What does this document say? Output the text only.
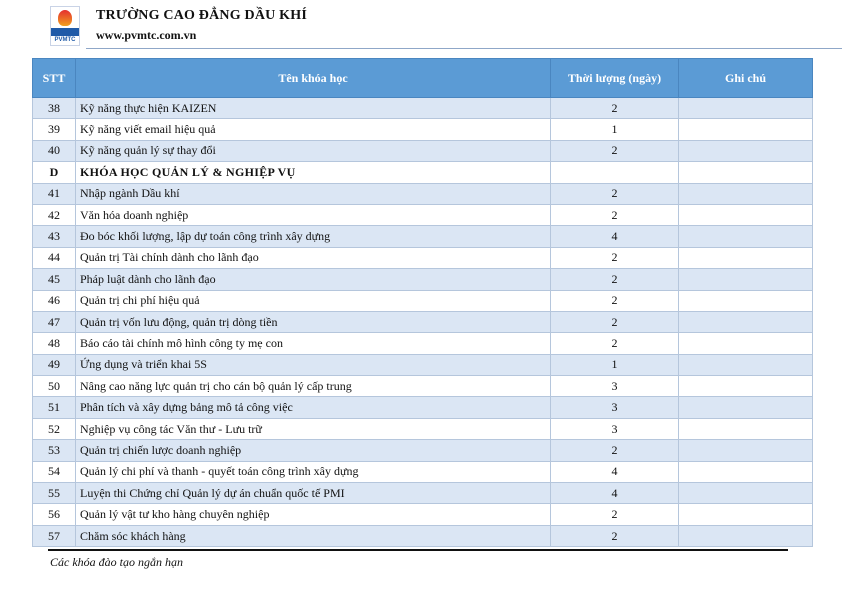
PVMTC
TRƯỜNG CAO ĐẲNG DẦU KHÍ
www.pvmtc.com.vn
STT	Tên khóa học	Thời lượng (ngày)	Ghi chú
38	Kỹ năng thực hiện KAIZEN	2	
39	Kỹ năng viết email hiệu quả	1	
40	Kỹ năng quản lý sự thay đổi	2	
D	KHÓA HỌC QUẢN LÝ & NGHIỆP VỤ		
41	Nhập ngành Dầu khí	2	
42	Văn hóa doanh nghiệp	2	
43	Đo bóc khối lượng, lập dự toán công trình xây dựng	4	
44	Quản trị Tài chính dành cho lãnh đạo	2	
45	Pháp luật dành cho lãnh đạo	2	
46	Quản trị chi phí hiệu quả	2	
47	Quản trị vốn lưu động, quản trị dòng tiền	2	
48	Báo cáo tài chính mô hình công ty mẹ con	2	
49	Ứng dụng và triển khai 5S	1	
50	Nâng cao năng lực quản trị cho cán bộ quản lý cấp trung	3	
51	Phân tích và xây dựng bảng mô tả công việc	3	
52	Nghiệp vụ công tác Văn thư - Lưu trữ	3	
53	Quản trị chiến lược doanh nghiệp	2	
54	Quản lý chi phí và thanh - quyết toán công trình xây dựng	4	
55	Luyện thi Chứng chỉ Quản lý dự án chuẩn quốc tế PMI	4	
56	Quản lý vật tư kho hàng chuyên nghiệp	2	
57	Chăm sóc khách hàng	2	
Các khóa đào tạo ngắn hạn
